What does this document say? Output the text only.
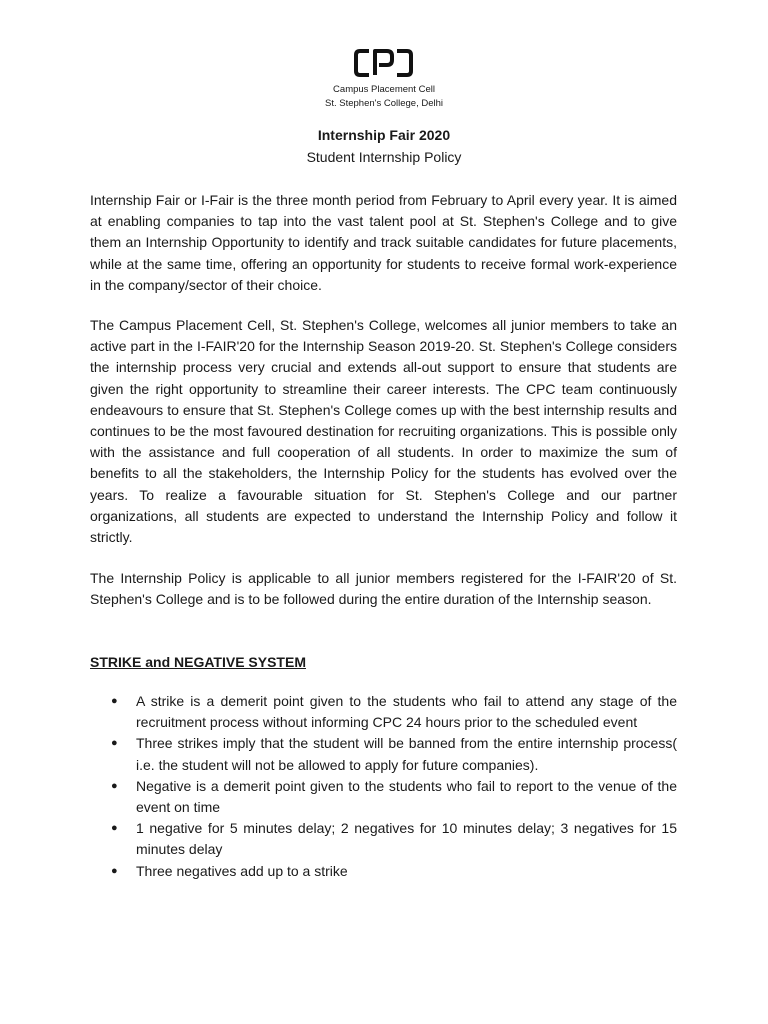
Campus Placement Cell
St. Stephen's College, Delhi
Internship Fair 2020
Student Internship Policy

Internship Fair or I-Fair is the three month period from February to April every year. It is aimed at enabling companies to tap into the vast talent pool at St. Stephen's College and to give them an Internship Opportunity to identify and track suitable candidates for future placements, while at the same time, offering an opportunity for students to receive formal work-experience in the company/sector of their choice.

The Campus Placement Cell, St. Stephen's College, welcomes all junior members to take an active part in the I-FAIR'20 for the Internship Season 2019-20. St. Stephen's College considers the internship process very crucial and extends all-out support to ensure that students are given the right opportunity to streamline their career interests. The CPC team continuously endeavours to ensure that St. Stephen's College comes up with the best internship results and continues to be the most favoured destination for recruiting organizations. This is possible only with the assistance and full cooperation of all students. In order to maximize the sum of benefits to all the stakeholders, the Internship Policy for the students has evolved over the years. To realize a favourable situation for St. Stephen's College and our partner organizations, all students are expected to understand the Internship Policy and follow it strictly.

The Internship Policy is applicable to all junior members registered for the I-FAIR'20 of St. Stephen's College and is to be followed during the entire duration of the Internship season.

STRIKE and NEGATIVE SYSTEM
● A strike is a demerit point given to the students who fail to attend any stage of the recruitment process without informing CPC 24 hours prior to the scheduled event
● Three strikes imply that the student will be banned from the entire internship process( i.e. the student will not be allowed to apply for future companies).
● Negative is a demerit point given to the students who fail to report to the venue of the event on time
● 1 negative for 5 minutes delay; 2 negatives for 10 minutes delay; 3 negatives for 15 minutes delay
● Three negatives add up to a strike
